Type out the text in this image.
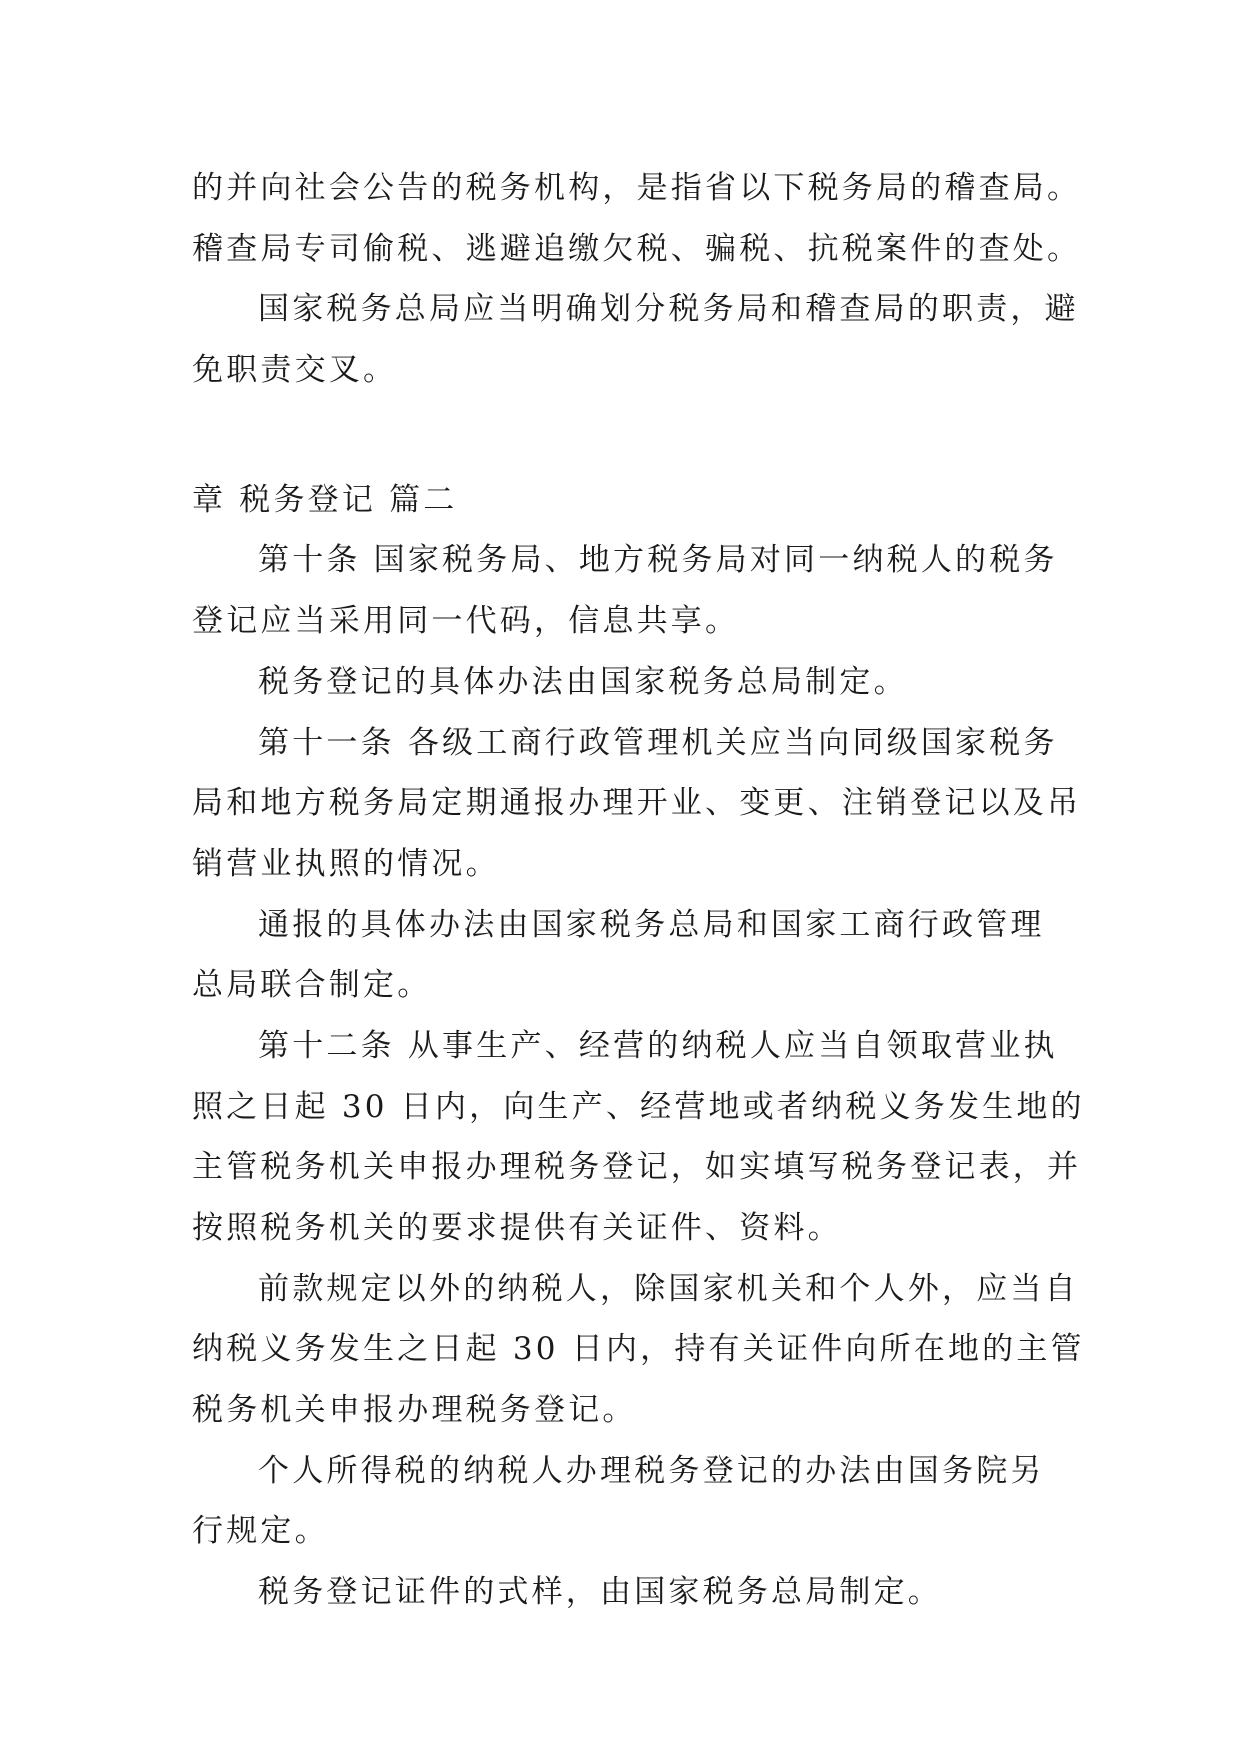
的并向社会公告的税务机构，是指省以下税务局的稽查局。

稽查局专司偷税、逃避追缴欠税、骗税、抗税案件的查处。

国家税务总局应当明确划分税务局和稽查局的职责，避

免职责交叉。

章 税务登记 篇二

第十条 国家税务局、地方税务局对同一纳税人的税务

登记应当采用同一代码，信息共享。

税务登记的具体办法由国家税务总局制定。

第十一条 各级工商行政管理机关应当向同级国家税务

局和地方税务局定期通报办理开业、变更、注销登记以及吊

销营业执照的情况。

通报的具体办法由国家税务总局和国家工商行政管理

总局联合制定。

第十二条 从事生产、经营的纳税人应当自领取营业执

照之日起 30 日内，向生产、经营地或者纳税义务发生地的

主管税务机关申报办理税务登记，如实填写税务登记表，并

按照税务机关的要求提供有关证件、资料。

前款规定以外的纳税人，除国家机关和个人外，应当自

纳税义务发生之日起 30 日内，持有关证件向所在地的主管

税务机关申报办理税务登记。

个人所得税的纳税人办理税务登记的办法由国务院另

行规定。

税务登记证件的式样，由国家税务总局制定。
